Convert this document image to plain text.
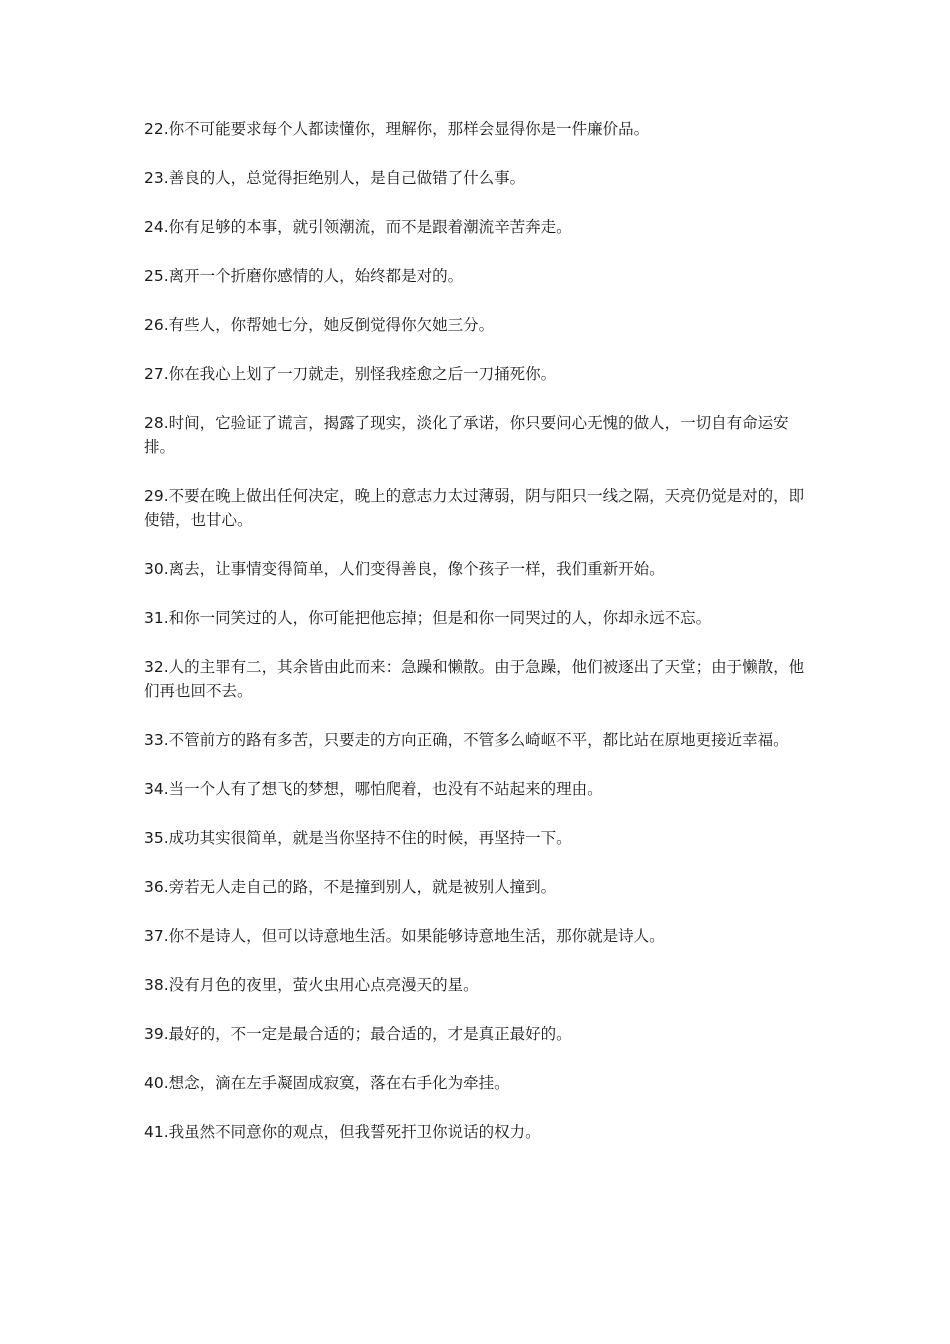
22.你不可能要求每个人都读懂你，理解你，那样会显得你是一件廉价品。

23.善良的人，总觉得拒绝别人，是自己做错了什么事。

24.你有足够的本事，就引领潮流，而不是跟着潮流辛苦奔走。

25.离开一个折磨你感情的人，始终都是对的。

26.有些人，你帮她七分，她反倒觉得你欠她三分。

27.你在我心上划了一刀就走，别怪我痊愈之后一刀捅死你。

28.时间，它验证了谎言，揭露了现实，淡化了承诺，你只要问心无愧的做人，一切自有命运安排。

29.不要在晚上做出任何决定，晚上的意志力太过薄弱，阴与阳只一线之隔，天亮仍觉是对的，即使错，也甘心。

30.离去，让事情变得简单，人们变得善良，像个孩子一样，我们重新开始。

31.和你一同笑过的人，你可能把他忘掉；但是和你一同哭过的人，你却永远不忘。

32.人的主罪有二，其余皆由此而来：急躁和懒散。由于急躁，他们被逐出了天堂；由于懒散，他们再也回不去。

33.不管前方的路有多苦，只要走的方向正确，不管多么崎岖不平，都比站在原地更接近幸福。

34.当一个人有了想飞的梦想，哪怕爬着，也没有不站起来的理由。

35.成功其实很简单，就是当你坚持不住的时候，再坚持一下。

36.旁若无人走自己的路，不是撞到别人，就是被别人撞到。

37.你不是诗人，但可以诗意地生活。如果能够诗意地生活，那你就是诗人。

38.没有月色的夜里，萤火虫用心点亮漫天的星。

39.最好的，不一定是最合适的；最合适的，才是真正最好的。

40.想念，滴在左手凝固成寂寞，落在右手化为牵挂。

41.我虽然不同意你的观点，但我誓死扞卫你说话的权力。
